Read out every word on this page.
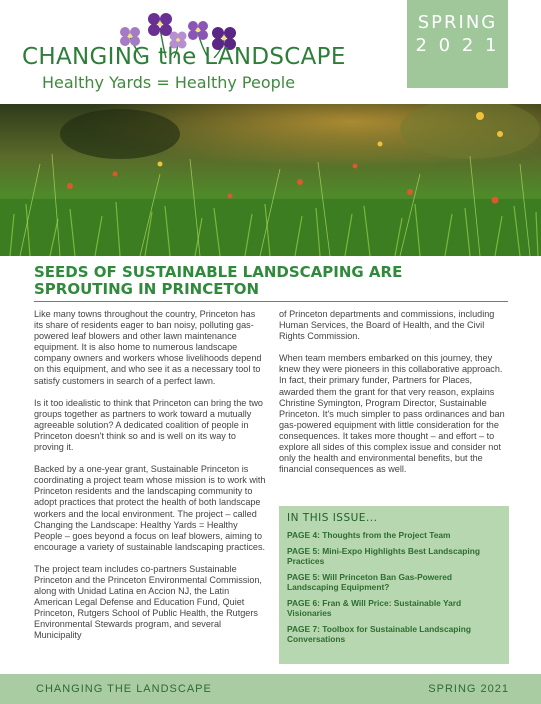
CHANGING the LANDSCAPE
Healthy Yards = Healthy People
SPRING
2 0 2 1
SEEDS OF SUSTAINABLE LANDSCAPING ARE SPROUTING IN PRINCETON

Like many towns throughout the country, Princeton has its share of residents eager to ban noisy, polluting gas-powered leaf blowers and other lawn maintenance equipment. It is also home to numerous landscape company owners and workers whose livelihoods depend on this equipment, and who see it as a necessary tool to satisfy customers in search of a perfect lawn.

Is it too idealistic to think that Princeton can bring the two groups together as partners to work toward a mutually agreeable solution? A dedicated coalition of people in Princeton doesn't think so and is well on its way to proving it.

Backed by a one-year grant, Sustainable Princeton is coordinating a project team whose mission is to work with Princeton residents and the landscaping community to adopt practices that protect the health of both landscape workers and the local environment. The project – called Changing the Landscape: Healthy Yards = Healthy People – goes beyond a focus on leaf blowers, aiming to encourage a variety of sustainable landscaping practices.

The project team includes co-partners Sustainable Princeton and the Princeton Environmental Commission, along with Unidad Latina en Accion NJ, the Latin American Legal Defense and Education Fund, Quiet Princeton, Rutgers School of Public Health, the Rutgers Environmental Stewards program, and several Municipality

of Princeton departments and commissions, including Human Services, the Board of Health, and the Civil Rights Commission.

When team members embarked on this journey, they knew they were pioneers in this collaborative approach. In fact, their primary funder, Partners for Places, awarded them the grant for that very reason, explains Christine Symington, Program Director, Sustainable Princeton. It's much simpler to pass ordinances and ban gas-powered equipment with little consideration for the consequences. It takes more thought – and effort – to explore all sides of this complex issue and consider not only the health and environmental benefits, but the financial consequences as well.

IN THIS ISSUE...
PAGE 4: Thoughts from the Project Team
PAGE 5: Mini-Expo Highlights Best Landscaping Practices
PAGE 5: Will Princeton Ban Gas-Powered Landscaping Equipment?
PAGE 6: Fran & Will Price: Sustainable Yard Visionaries
PAGE 7: Toolbox for Sustainable Landscaping Conversations
CHANGING THE LANDSCAPE	SPRING 2021
